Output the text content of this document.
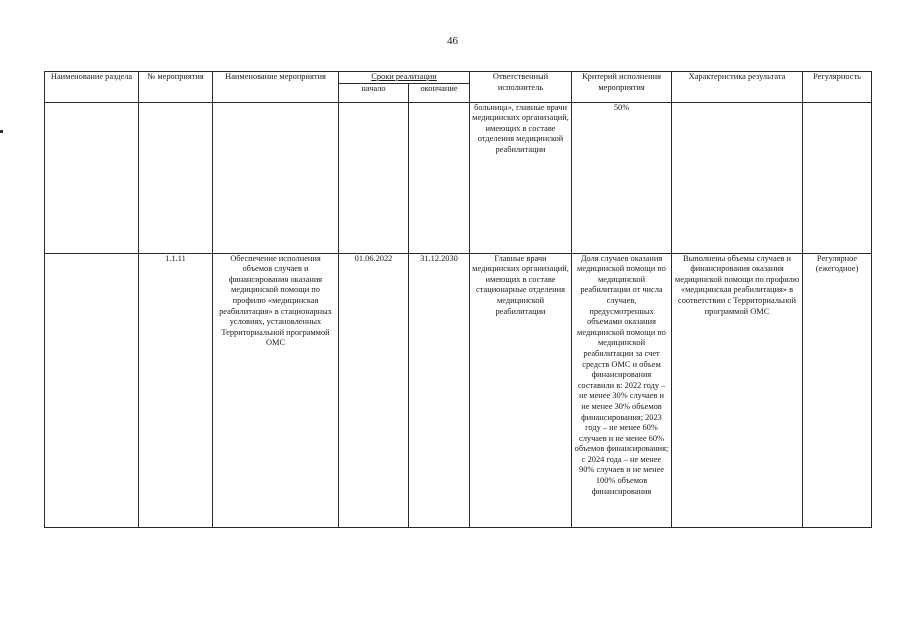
46
Наименование раздела	№ мероприятия	Наименование мероприятия	Сроки реализации		Ответственный исполнитель	Критерий исполнения мероприятия	Характеристика результата	Регулярность
			начало	окончание				
					больница», главные врачи медицинских организаций, имеющих в составе отделения медицинской реабилитации	50%		
	1.1.11	Обеспечение исполнения объемов случаев и финансирования оказания медицинской помощи по профилю «медицинская реабилитация» в стационарных условиях, установленных Территориальной программой ОМС	01.06.2022	31.12.2030	Главные врачи медицинских организаций, имеющих в составе стационарные отделения медицинской реабилитации	Доля случаев оказания медицинской помощи по медицинской реабилитации от числа случаев, предусмотренных объемами оказания медицинской помощи по медицинской реабилитации за счет средств ОМС и объем финансирования составили в: 2022 году – не менее 30% случаев и не менее 30% объемов финансирования; 2023 году – не менее 60% случаев и не менее 60% объемов финансирования; с 2024 года – не менее 90% случаев и не менее 100% объемов финансирования	Выполнены объемы случаев и финансирования оказания медицинской помощи по профилю «медицинская реабилитация» в соответствии с Территориальной программой ОМС	Регулярное (ежегодное)
